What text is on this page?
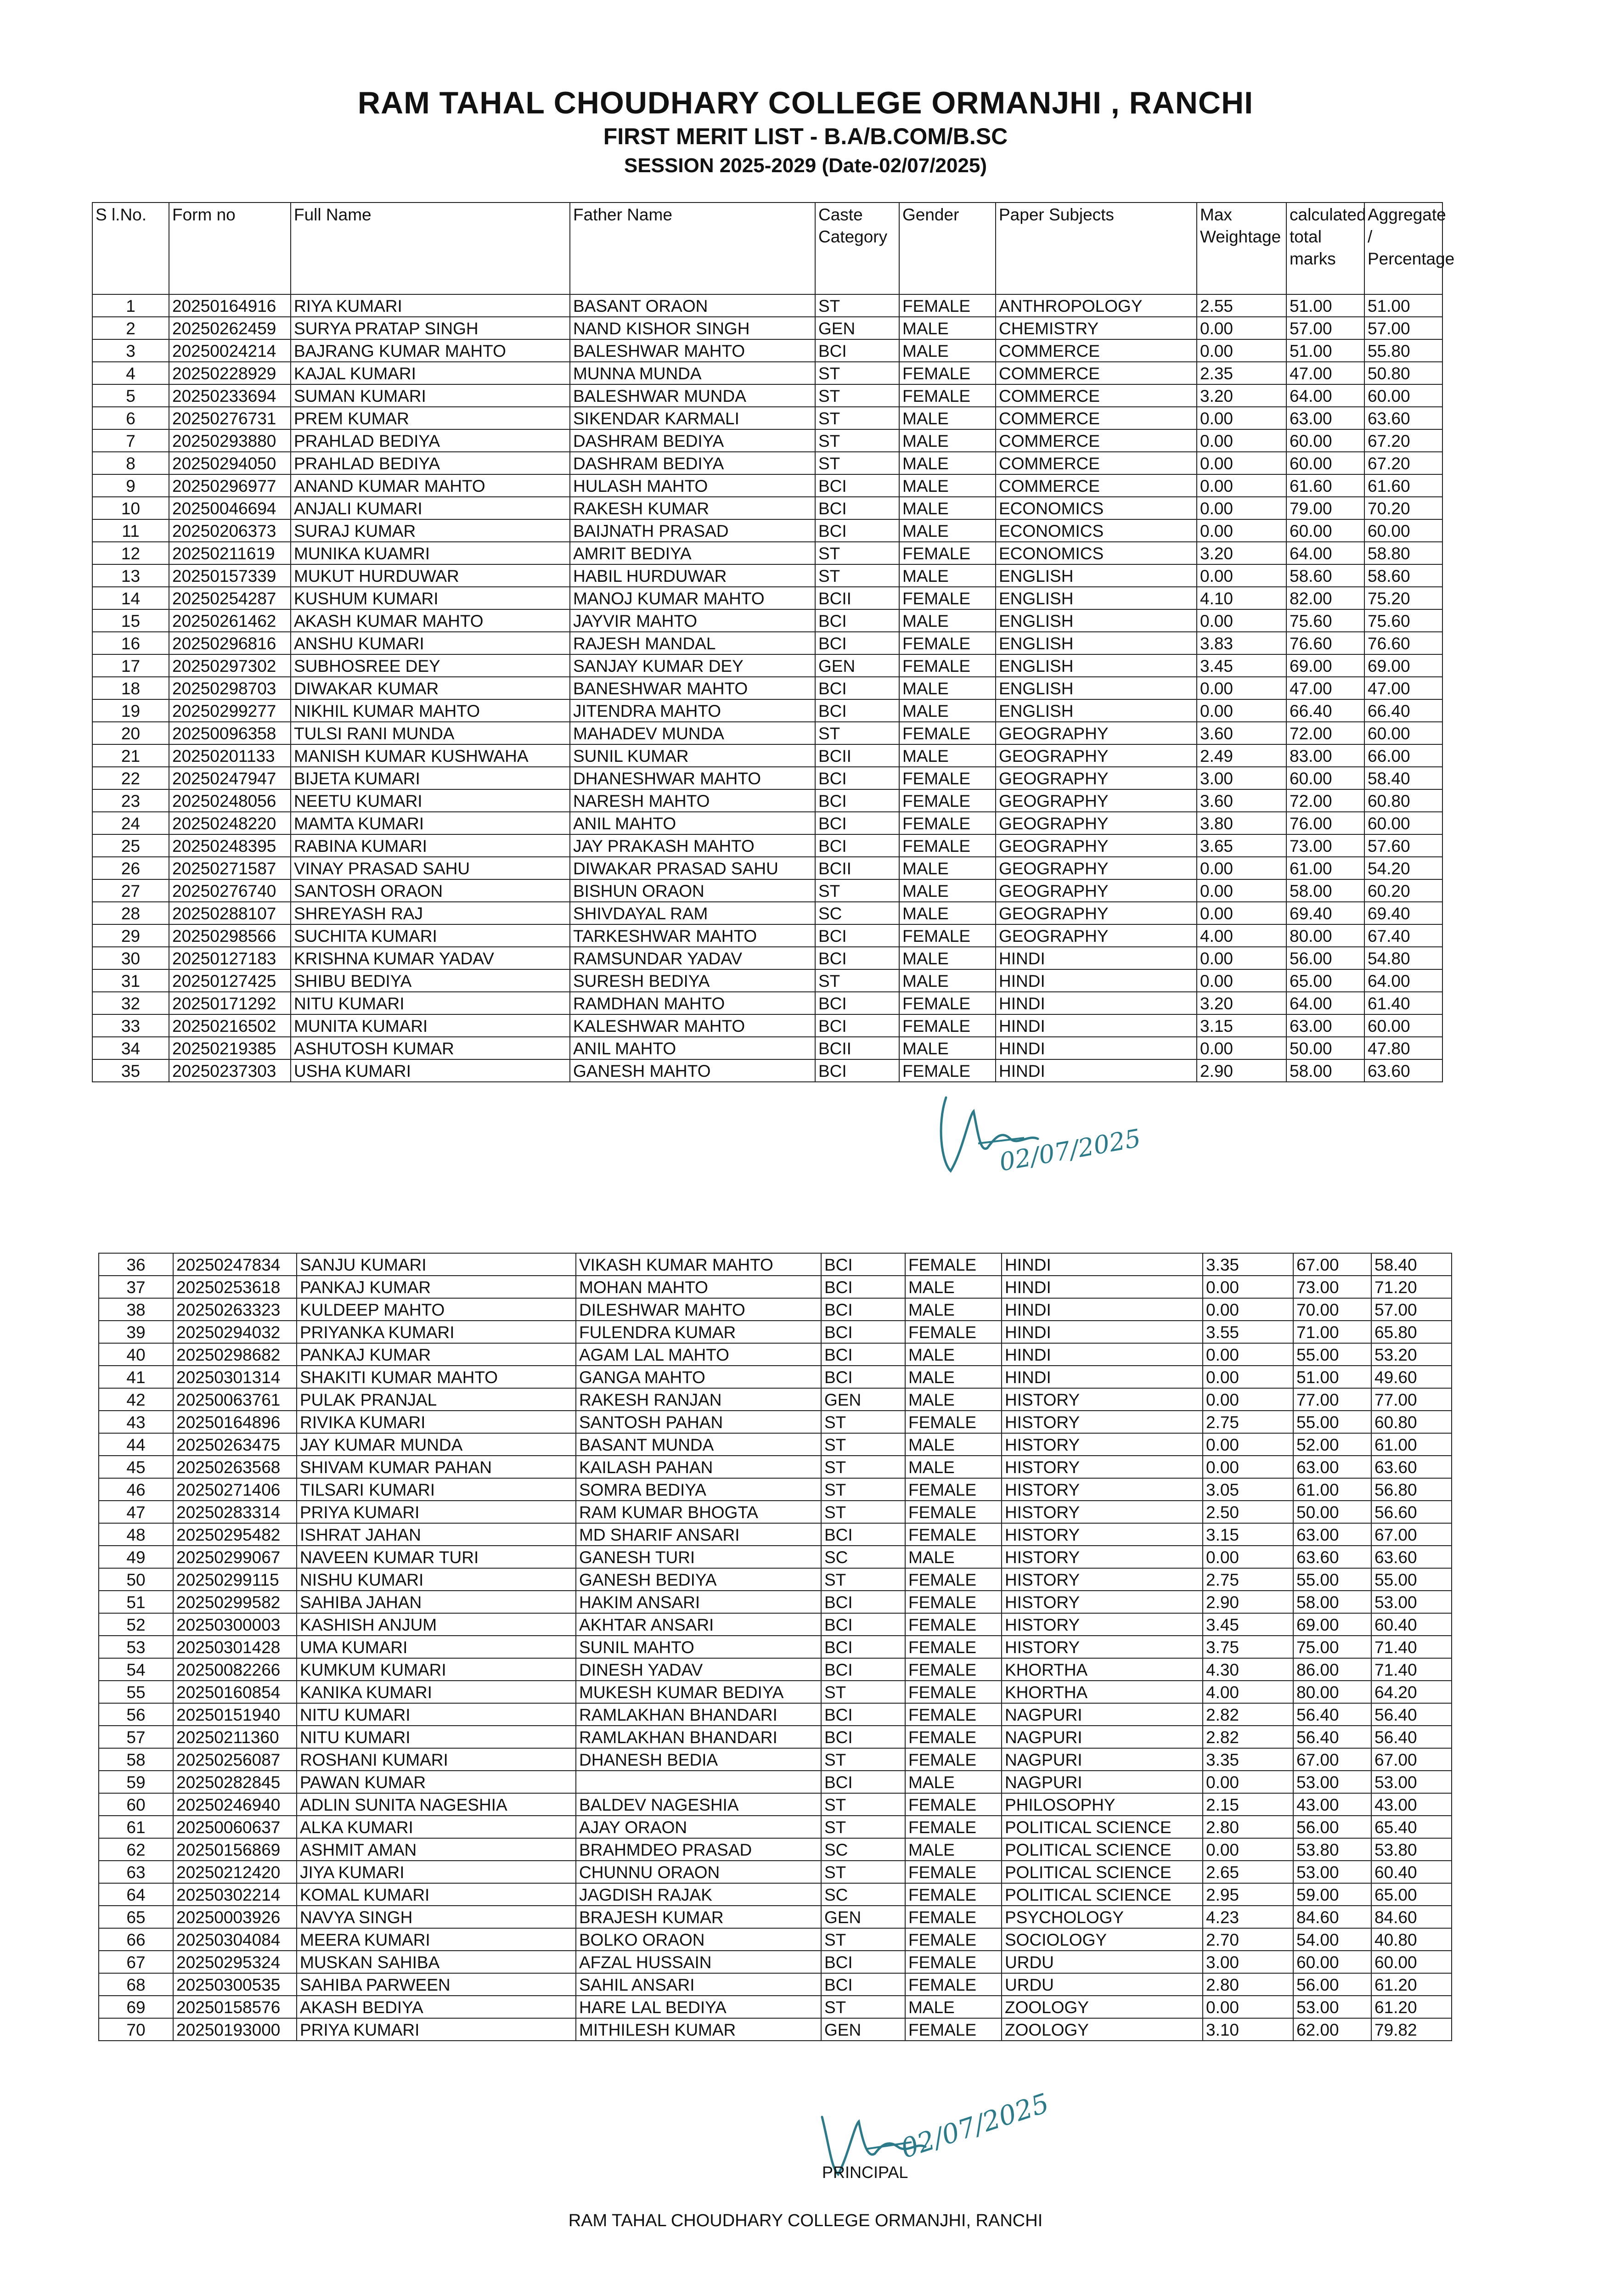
RAM TAHAL CHOUDHARY COLLEGE ORMANJHI , RANCHI
FIRST MERIT LIST - B.A/B.COM/B.SC
SESSION 2025-2029 (Date-02/07/2025)
S l.No.	Form no	Full Name	Father Name	Caste Category	Gender	Paper Subjects	Max Weightage	calculated total marks	Aggregate / Percentage
1	20250164916	RIYA KUMARI	BASANT ORAON	ST	FEMALE	ANTHROPOLOGY	2.55	51.00	51.00
2	20250262459	SURYA PRATAP SINGH	NAND KISHOR SINGH	GEN	MALE	CHEMISTRY	0.00	57.00	57.00
3	20250024214	BAJRANG KUMAR MAHTO	BALESHWAR MAHTO	BCI	MALE	COMMERCE	0.00	51.00	55.80
4	20250228929	KAJAL KUMARI	MUNNA MUNDA	ST	FEMALE	COMMERCE	2.35	47.00	50.80
5	20250233694	SUMAN KUMARI	BALESHWAR MUNDA	ST	FEMALE	COMMERCE	3.20	64.00	60.00
6	20250276731	PREM KUMAR	SIKENDAR KARMALI	ST	MALE	COMMERCE	0.00	63.00	63.60
7	20250293880	PRAHLAD BEDIYA	DASHRAM BEDIYA	ST	MALE	COMMERCE	0.00	60.00	67.20
8	20250294050	PRAHLAD BEDIYA	DASHRAM BEDIYA	ST	MALE	COMMERCE	0.00	60.00	67.20
9	20250296977	ANAND KUMAR MAHTO	HULASH MAHTO	BCI	MALE	COMMERCE	0.00	61.60	61.60
10	20250046694	ANJALI KUMARI	RAKESH KUMAR	BCI	MALE	ECONOMICS	0.00	79.00	70.20
11	20250206373	SURAJ KUMAR	BAIJNATH PRASAD	BCI	MALE	ECONOMICS	0.00	60.00	60.00
12	20250211619	MUNIKA KUAMRI	AMRIT BEDIYA	ST	FEMALE	ECONOMICS	3.20	64.00	58.80
13	20250157339	MUKUT HURDUWAR	HABIL HURDUWAR	ST	MALE	ENGLISH	0.00	58.60	58.60
14	20250254287	KUSHUM KUMARI	MANOJ KUMAR MAHTO	BCII	FEMALE	ENGLISH	4.10	82.00	75.20
15	20250261462	AKASH KUMAR MAHTO	JAYVIR MAHTO	BCI	MALE	ENGLISH	0.00	75.60	75.60
16	20250296816	ANSHU KUMARI	RAJESH MANDAL	BCI	FEMALE	ENGLISH	3.83	76.60	76.60
17	20250297302	SUBHOSREE DEY	SANJAY KUMAR DEY	GEN	FEMALE	ENGLISH	3.45	69.00	69.00
18	20250298703	DIWAKAR KUMAR	BANESHWAR MAHTO	BCI	MALE	ENGLISH	0.00	47.00	47.00
19	20250299277	NIKHIL KUMAR MAHTO	JITENDRA MAHTO	BCI	MALE	ENGLISH	0.00	66.40	66.40
20	20250096358	TULSI RANI MUNDA	MAHADEV MUNDA	ST	FEMALE	GEOGRAPHY	3.60	72.00	60.00
21	20250201133	MANISH KUMAR KUSHWAHA	SUNIL KUMAR	BCII	MALE	GEOGRAPHY	2.49	83.00	66.00
22	20250247947	BIJETA KUMARI	DHANESHWAR MAHTO	BCI	FEMALE	GEOGRAPHY	3.00	60.00	58.40
23	20250248056	NEETU KUMARI	NARESH MAHTO	BCI	FEMALE	GEOGRAPHY	3.60	72.00	60.80
24	20250248220	MAMTA KUMARI	ANIL MAHTO	BCI	FEMALE	GEOGRAPHY	3.80	76.00	60.00
25	20250248395	RABINA KUMARI	JAY PRAKASH MAHTO	BCI	FEMALE	GEOGRAPHY	3.65	73.00	57.60
26	20250271587	VINAY PRASAD SAHU	DIWAKAR PRASAD SAHU	BCII	MALE	GEOGRAPHY	0.00	61.00	54.20
27	20250276740	SANTOSH ORAON	BISHUN ORAON	ST	MALE	GEOGRAPHY	0.00	58.00	60.20
28	20250288107	SHREYASH RAJ	SHIVDAYAL RAM	SC	MALE	GEOGRAPHY	0.00	69.40	69.40
29	20250298566	SUCHITA KUMARI	TARKESHWAR MAHTO	BCI	FEMALE	GEOGRAPHY	4.00	80.00	67.40
30	20250127183	KRISHNA KUMAR YADAV	RAMSUNDAR YADAV	BCI	MALE	HINDI	0.00	56.00	54.80
31	20250127425	SHIBU BEDIYA	SURESH BEDIYA	ST	MALE	HINDI	0.00	65.00	64.00
32	20250171292	NITU KUMARI	RAMDHAN MAHTO	BCI	FEMALE	HINDI	3.20	64.00	61.40
33	20250216502	MUNITA KUMARI	KALESHWAR MAHTO	BCI	FEMALE	HINDI	3.15	63.00	60.00
34	20250219385	ASHUTOSH KUMAR	ANIL MAHTO	BCII	MALE	HINDI	0.00	50.00	47.80
35	20250237303	USHA KUMARI	GANESH MAHTO	BCI	FEMALE	HINDI	2.90	58.00	63.60
02/07/2025
36	20250247834	SANJU KUMARI	VIKASH KUMAR MAHTO	BCI	FEMALE	HINDI	3.35	67.00	58.40
37	20250253618	PANKAJ KUMAR	MOHAN MAHTO	BCI	MALE	HINDI	0.00	73.00	71.20
38	20250263323	KULDEEP MAHTO	DILESHWAR MAHTO	BCI	MALE	HINDI	0.00	70.00	57.00
39	20250294032	PRIYANKA KUMARI	FULENDRA KUMAR	BCI	FEMALE	HINDI	3.55	71.00	65.80
40	20250298682	PANKAJ KUMAR	AGAM LAL MAHTO	BCI	MALE	HINDI	0.00	55.00	53.20
41	20250301314	SHAKITI KUMAR MAHTO	GANGA MAHTO	BCI	MALE	HINDI	0.00	51.00	49.60
42	20250063761	PULAK PRANJAL	RAKESH RANJAN	GEN	MALE	HISTORY	0.00	77.00	77.00
43	20250164896	RIVIKA KUMARI	SANTOSH PAHAN	ST	FEMALE	HISTORY	2.75	55.00	60.80
44	20250263475	JAY KUMAR MUNDA	BASANT MUNDA	ST	MALE	HISTORY	0.00	52.00	61.00
45	20250263568	SHIVAM KUMAR PAHAN	KAILASH PAHAN	ST	MALE	HISTORY	0.00	63.00	63.60
46	20250271406	TILSARI KUMARI	SOMRA BEDIYA	ST	FEMALE	HISTORY	3.05	61.00	56.80
47	20250283314	PRIYA KUMARI	RAM KUMAR BHOGTA	ST	FEMALE	HISTORY	2.50	50.00	56.60
48	20250295482	ISHRAT JAHAN	MD SHARIF ANSARI	BCI	FEMALE	HISTORY	3.15	63.00	67.00
49	20250299067	NAVEEN KUMAR TURI	GANESH TURI	SC	MALE	HISTORY	0.00	63.60	63.60
50	20250299115	NISHU KUMARI	GANESH BEDIYA	ST	FEMALE	HISTORY	2.75	55.00	55.00
51	20250299582	SAHIBA JAHAN	HAKIM ANSARI	BCI	FEMALE	HISTORY	2.90	58.00	53.00
52	20250300003	KASHISH ANJUM	AKHTAR ANSARI	BCI	FEMALE	HISTORY	3.45	69.00	60.40
53	20250301428	UMA KUMARI	SUNIL MAHTO	BCI	FEMALE	HISTORY	3.75	75.00	71.40
54	20250082266	KUMKUM KUMARI	DINESH YADAV	BCI	FEMALE	KHORTHA	4.30	86.00	71.40
55	20250160854	KANIKA KUMARI	MUKESH KUMAR BEDIYA	ST	FEMALE	KHORTHA	4.00	80.00	64.20
56	20250151940	NITU KUMARI	RAMLAKHAN BHANDARI	BCI	FEMALE	NAGPURI	2.82	56.40	56.40
57	20250211360	NITU KUMARI	RAMLAKHAN BHANDARI	BCI	FEMALE	NAGPURI	2.82	56.40	56.40
58	20250256087	ROSHANI KUMARI	DHANESH BEDIA	ST	FEMALE	NAGPURI	3.35	67.00	67.00
59	20250282845	PAWAN KUMAR		BCI	MALE	NAGPURI	0.00	53.00	53.00
60	20250246940	ADLIN SUNITA NAGESHIA	BALDEV NAGESHIA	ST	FEMALE	PHILOSOPHY	2.15	43.00	43.00
61	20250060637	ALKA KUMARI	AJAY ORAON	ST	FEMALE	POLITICAL SCIENCE	2.80	56.00	65.40
62	20250156869	ASHMIT AMAN	BRAHMDEO PRASAD	SC	MALE	POLITICAL SCIENCE	0.00	53.80	53.80
63	20250212420	JIYA KUMARI	CHUNNU ORAON	ST	FEMALE	POLITICAL SCIENCE	2.65	53.00	60.40
64	20250302214	KOMAL KUMARI	JAGDISH RAJAK	SC	FEMALE	POLITICAL SCIENCE	2.95	59.00	65.00
65	20250003926	NAVYA SINGH	BRAJESH KUMAR	GEN	FEMALE	PSYCHOLOGY	4.23	84.60	84.60
66	20250304084	MEERA KUMARI	BOLKO ORAON	ST	FEMALE	SOCIOLOGY	2.70	54.00	40.80
67	20250295324	MUSKAN SAHIBA	AFZAL HUSSAIN	BCI	FEMALE	URDU	3.00	60.00	60.00
68	20250300535	SAHIBA PARWEEN	SAHIL ANSARI	BCI	FEMALE	URDU	2.80	56.00	61.20
69	20250158576	AKASH BEDIYA	HARE LAL BEDIYA	ST	MALE	ZOOLOGY	0.00	53.00	61.20
70	20250193000	PRIYA KUMARI	MITHILESH KUMAR	GEN	FEMALE	ZOOLOGY	3.10	62.00	79.82
02/07/2025
PRINCIPAL
RAM TAHAL CHOUDHARY COLLEGE ORMANJHI, RANCHI
